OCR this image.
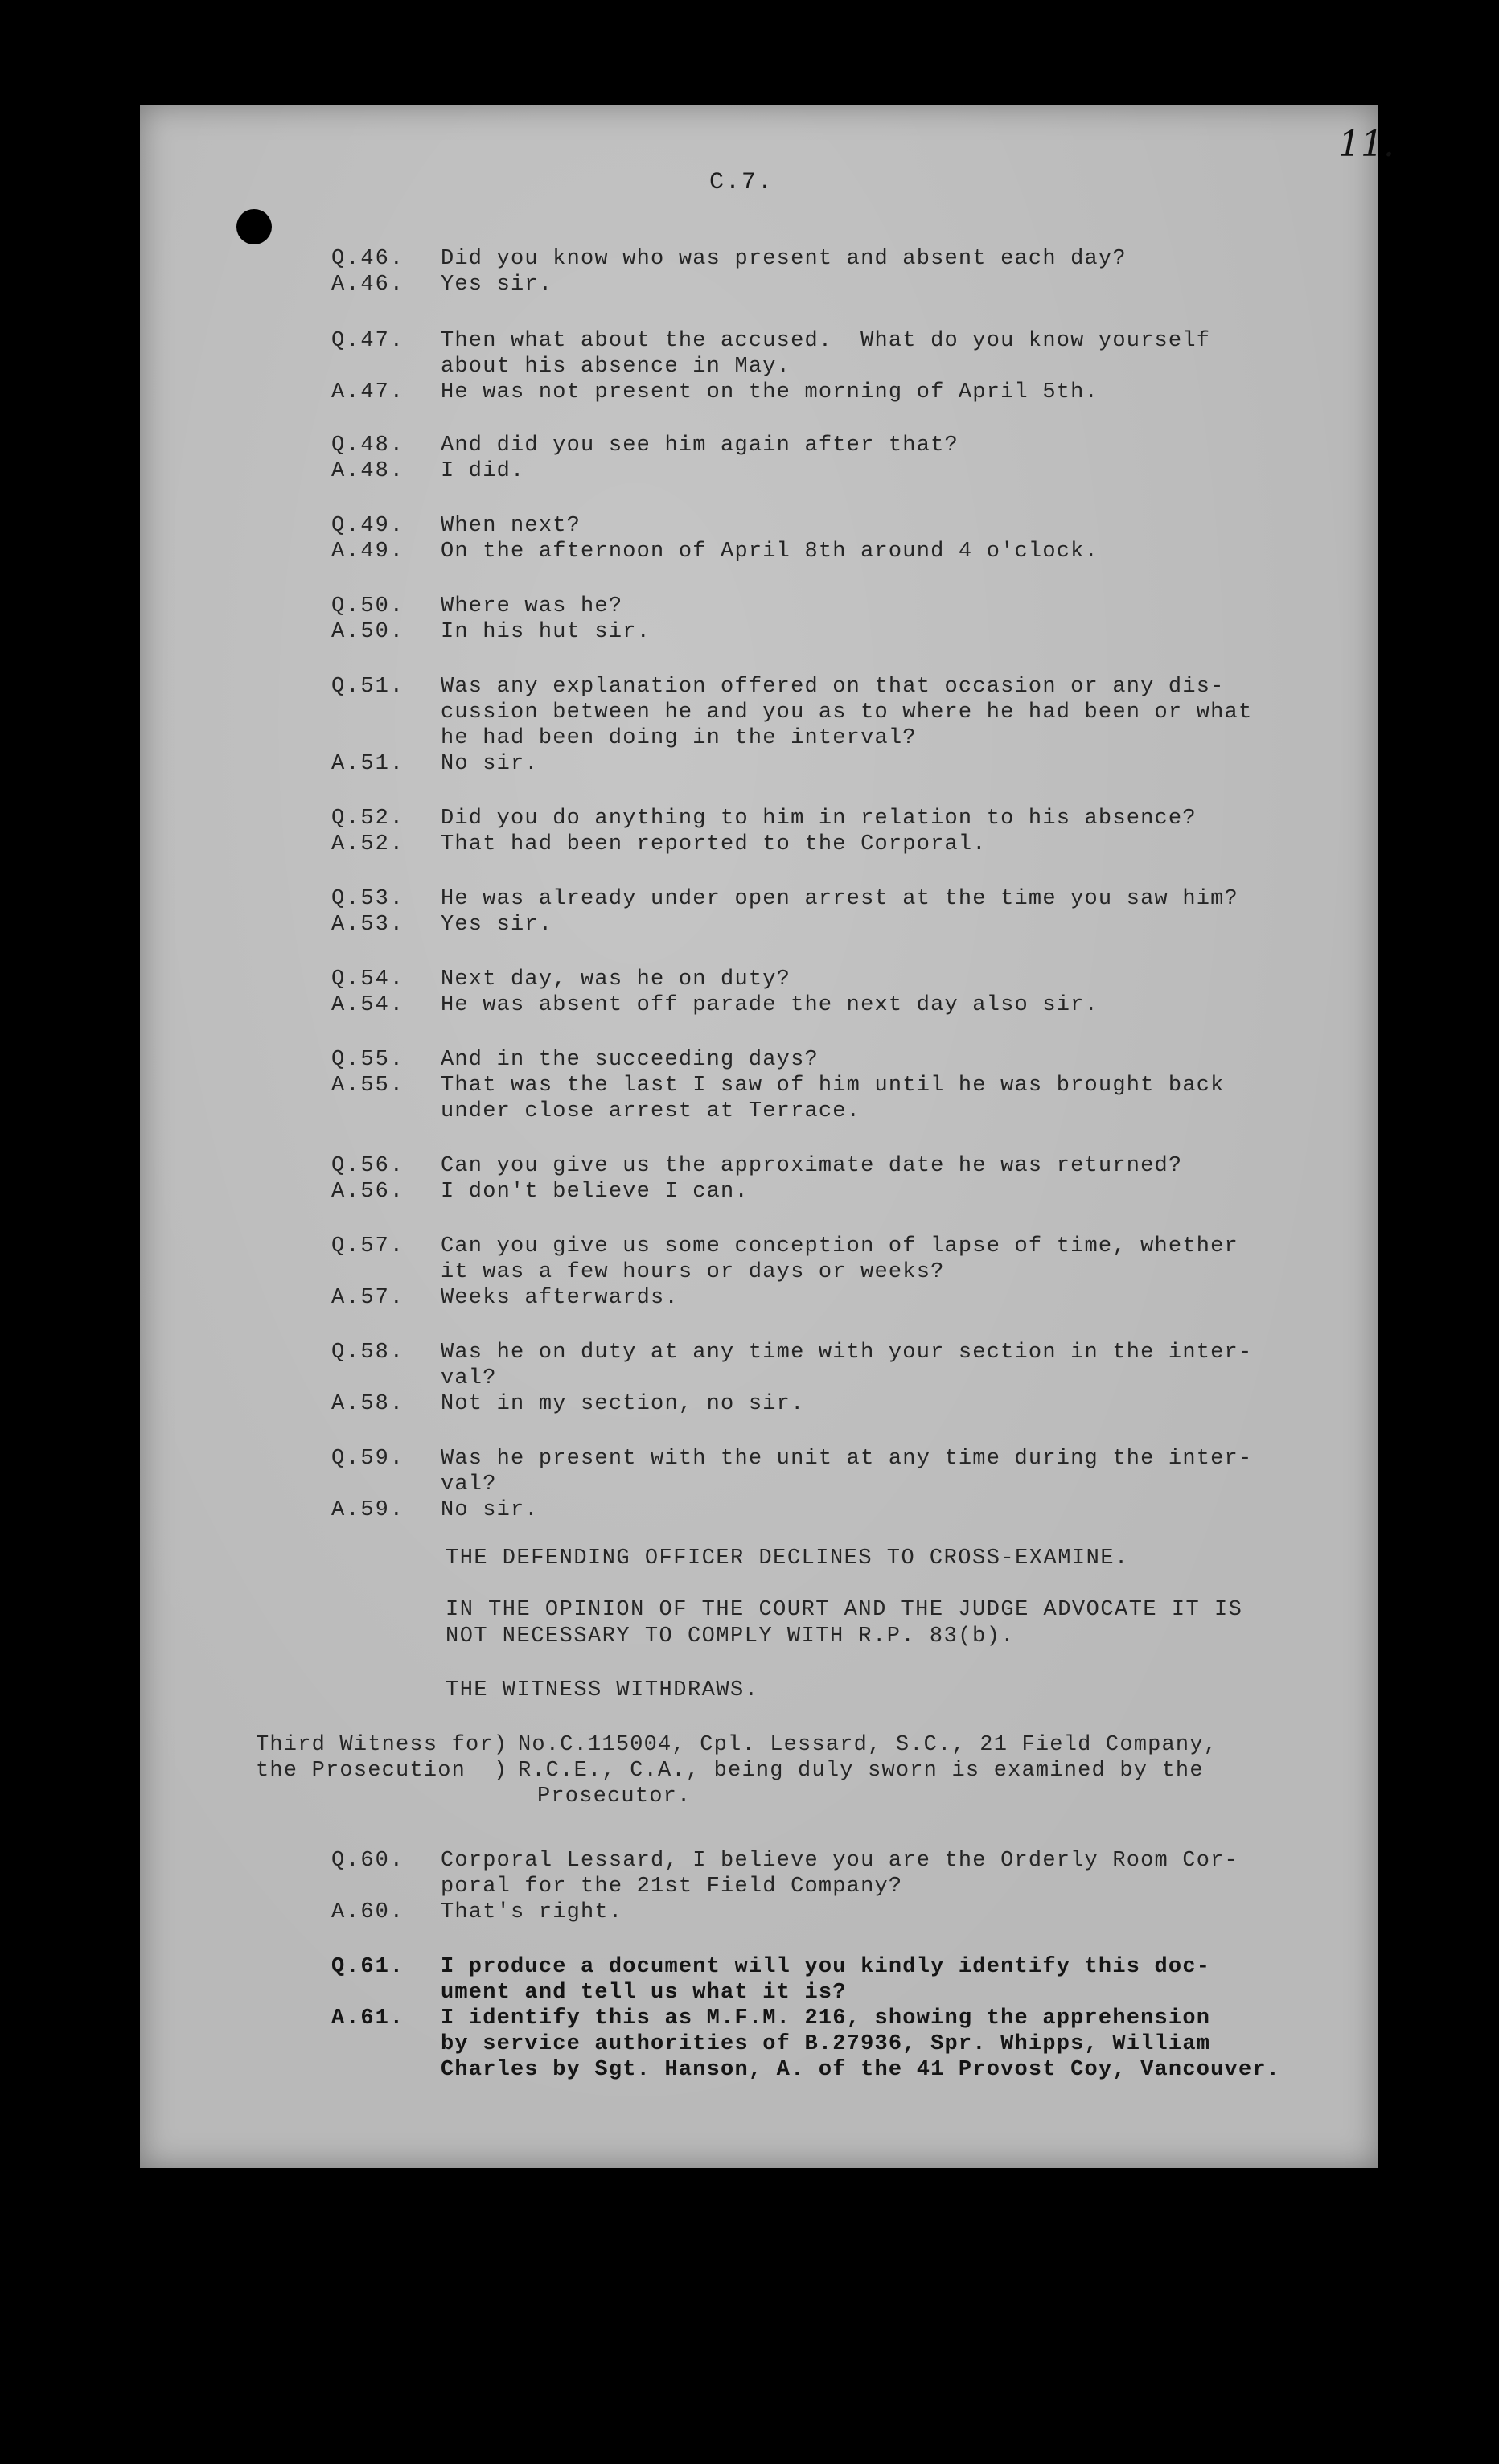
11.
C.7.
Q.46.	Did you know who was present and absent each day?
A.46.	Yes sir.
Q.47.	Then what about the accused.  What do you know yourself
about his absence in May.
A.47.	He was not present on the morning of April 5th.
Q.48.	And did you see him again after that?
A.48.	I did.
Q.49.	When next?
A.49.	On the afternoon of April 8th around 4 o'clock.
Q.50.	Where was he?
A.50.	In his hut sir.
Q.51.	Was any explanation offered on that occasion or any dis-
cussion between he and you as to where he had been or what
he had been doing in the interval?
A.51.	No sir.
Q.52.	Did you do anything to him in relation to his absence?
A.52.	That had been reported to the Corporal.
Q.53.	He was already under open arrest at the time you saw him?
A.53.	Yes sir.
Q.54.	Next day, was he on duty?
A.54.	He was absent off parade the next day also sir.
Q.55.	And in the succeeding days?
A.55.	That was the last I saw of him until he was brought back
under close arrest at Terrace.
Q.56.	Can you give us the approximate date he was returned?
A.56.	I don't believe I can.
Q.57.	Can you give us some conception of lapse of time, whether
it was a few hours or days or weeks?
A.57.	Weeks afterwards.
Q.58.	Was he on duty at any time with your section in the inter-
val?
A.58.	Not in my section, no sir.
Q.59.	Was he present with the unit at any time during the inter-
val?
A.59.	No sir.
THE DEFENDING OFFICER DECLINES TO CROSS-EXAMINE.
IN THE OPINION OF THE COURT AND THE JUDGE ADVOCATE IT IS
NOT NECESSARY TO COMPLY WITH R.P. 83(b).
THE WITNESS WITHDRAWS.
Third Witness for)
the Prosecution  )
No.C.115004, Cpl. Lessard, S.C., 21 Field Company,
R.C.E., C.A., being duly sworn is examined by the
Prosecutor.
Q.60.	Corporal Lessard, I believe you are the Orderly Room Cor-
poral for the 21st Field Company?
A.60.	That's right.
Q.61.	I produce a document will you kindly identify this doc-
ument and tell us what it is?
A.61.	I identify this as M.F.M. 216, showing the apprehension
by service authorities of B.27936, Spr. Whipps, William
Charles by Sgt. Hanson, A. of the 41 Provost Coy, Vancouver.
